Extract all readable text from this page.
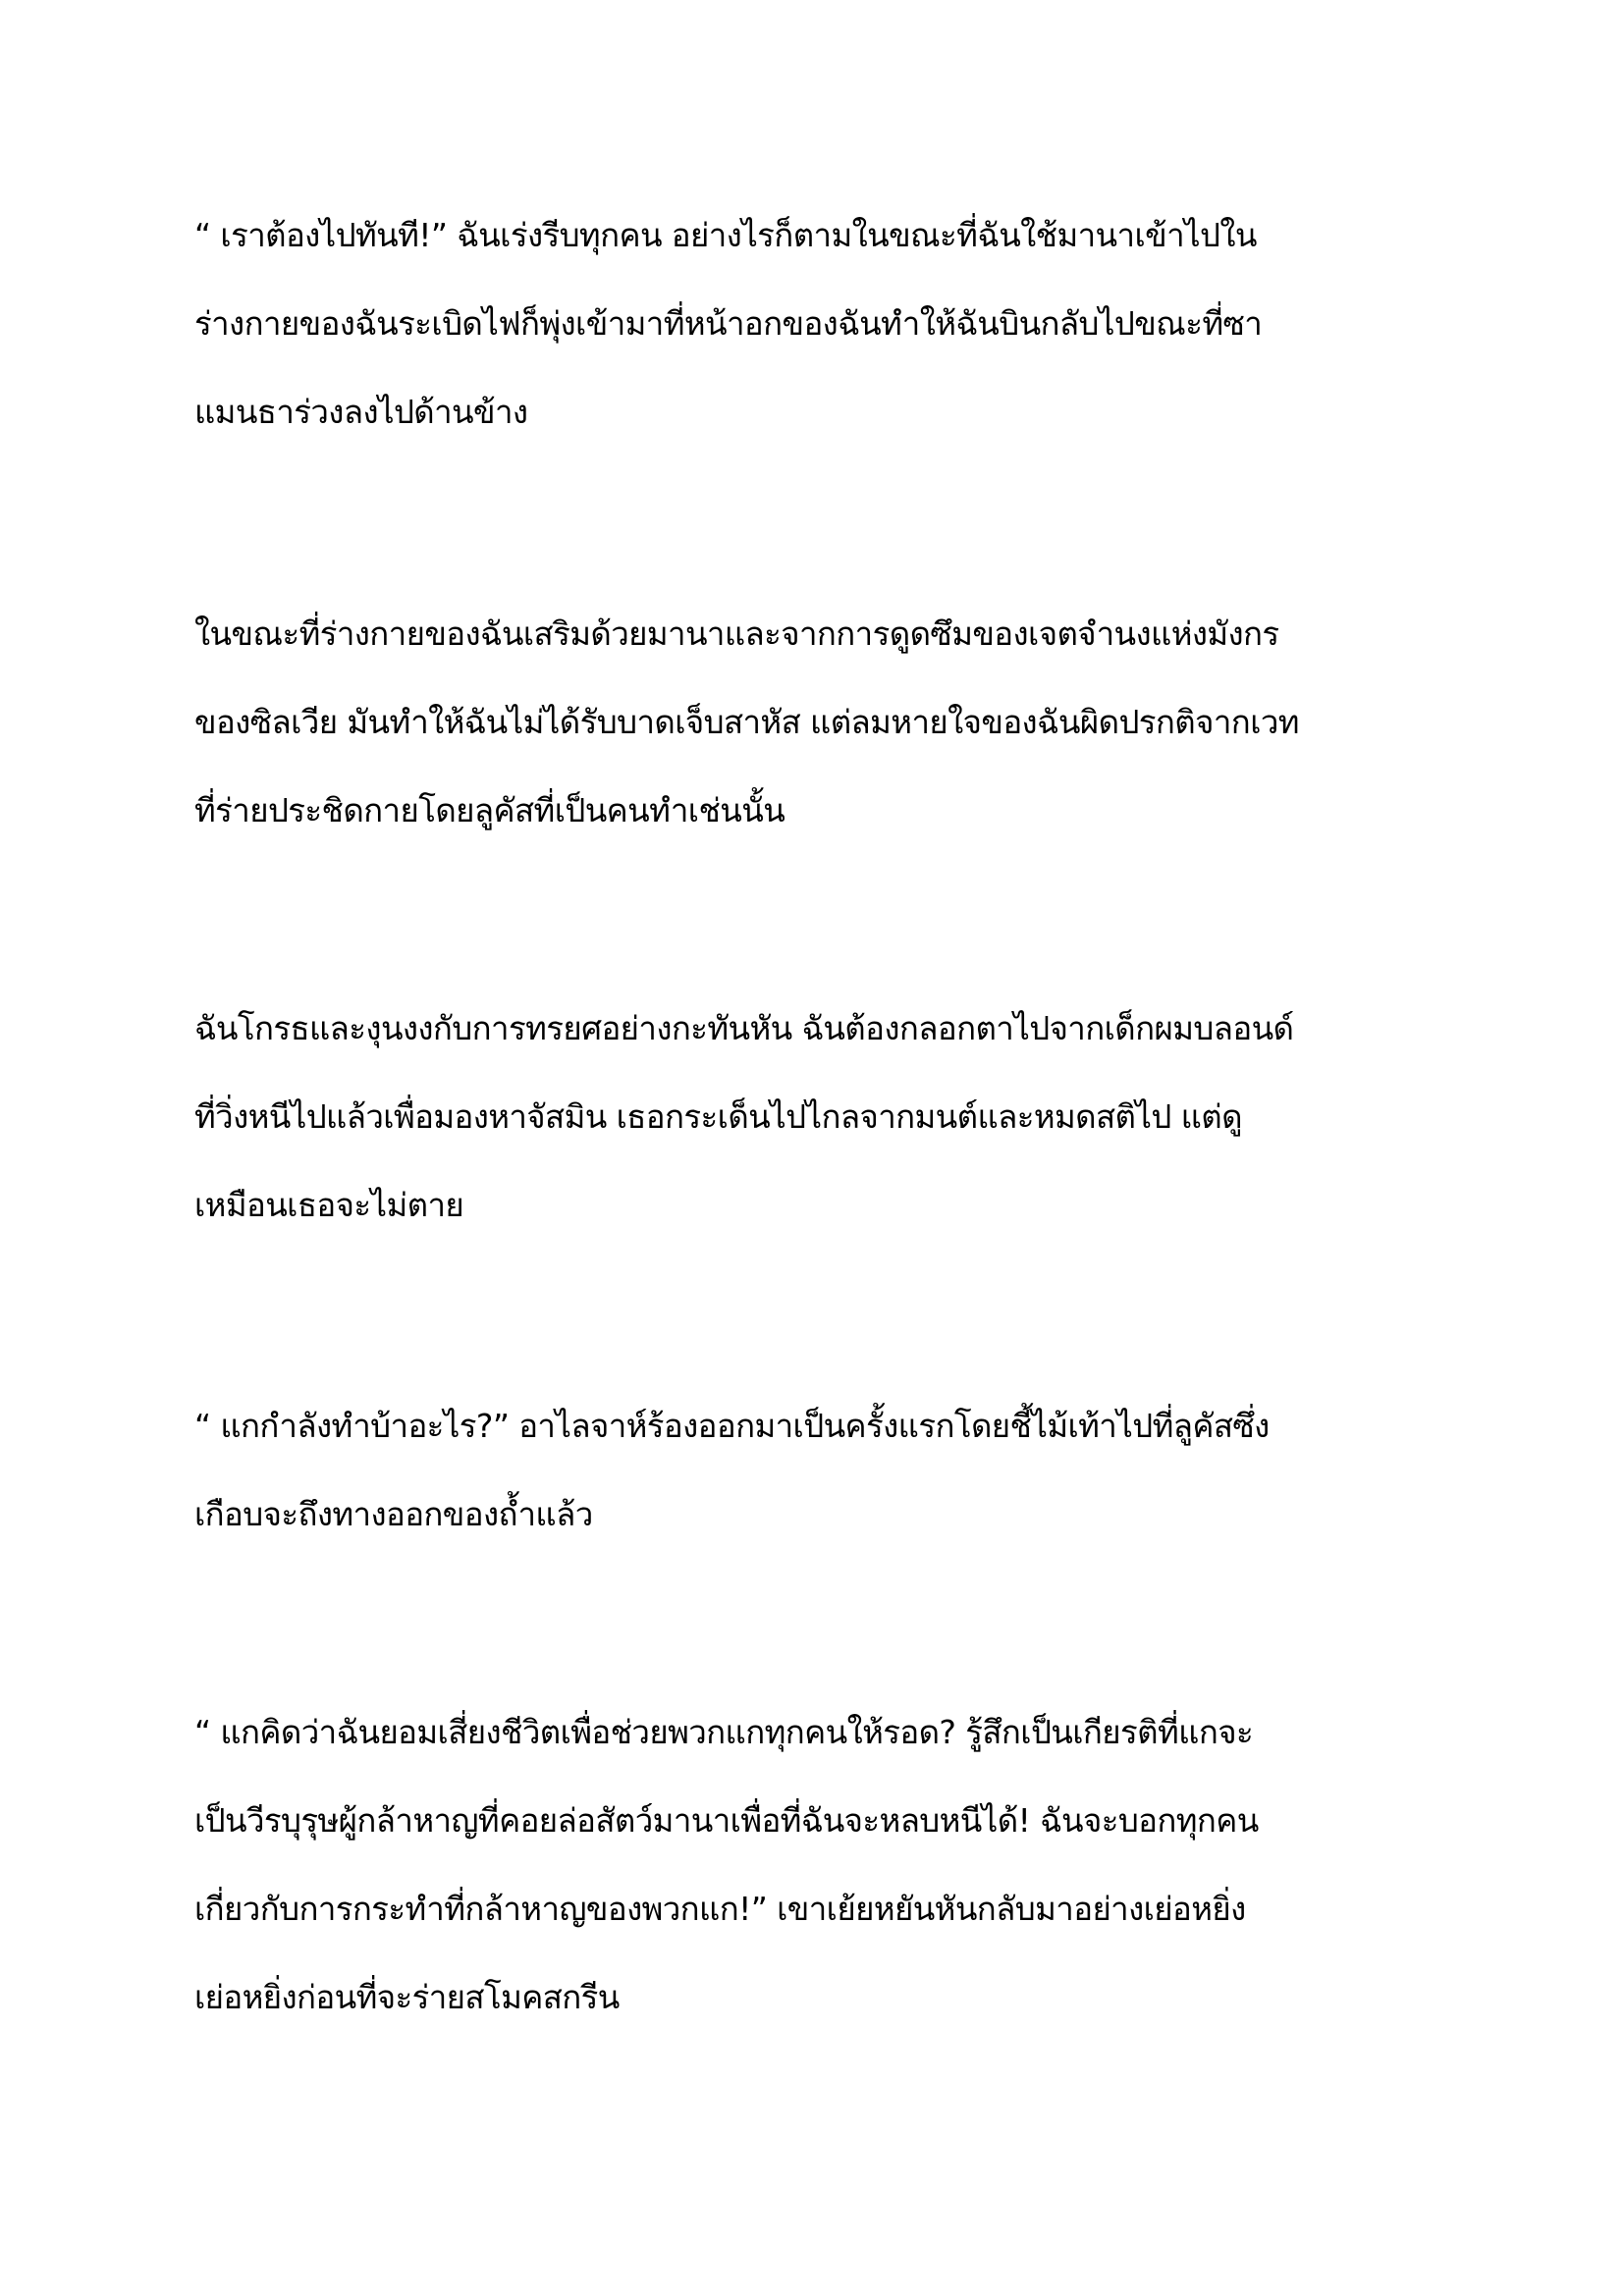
“ เราต้องไปทันที!” ฉันเร่งรีบทุกคน อย่างไรก็ตามในขณะที่ฉันใช้มานาเข้าไปใน

ร่างกายของฉันระเบิดไฟก็พุ่งเข้ามาที่หน้าอกของฉันทำให้ฉันบินกลับไปขณะที่ซา

แมนธาร่วงลงไปด้านข้าง

ในขณะที่ร่างกายของฉันเสริมด้วยมานาและจากการดูดซึมของเจตจำนงแห่งมังกร

ของซิลเวีย มันทำให้ฉันไม่ได้รับบาดเจ็บสาหัส แต่ลมหายใจของฉันผิดปรกติจากเวท

ที่ร่ายประชิดกายโดยลูคัสที่เป็นคนทำเช่นนั้น

ฉันโกรธและงุนงงกับการทรยศอย่างกะทันหัน ฉันต้องกลอกตาไปจากเด็กผมบลอนด์

ที่วิ่งหนีไปแล้วเพื่อมองหาจัสมิน เธอกระเด็นไปไกลจากมนต์และหมดสติไป แต่ดู

เหมือนเธอจะไม่ตาย

“ แกกำลังทำบ้าอะไร?” อาไลจาห์ร้องออกมาเป็นครั้งแรกโดยชี้ไม้เท้าไปที่ลูคัสซึ่ง

เกือบจะถึงทางออกของถ้ำแล้ว

“ แกคิดว่าฉันยอมเสี่ยงชีวิตเพื่อช่วยพวกแกทุกคนให้รอด? รู้สึกเป็นเกียรติที่แกจะ

เป็นวีรบุรุษผู้กล้าหาญที่คอยล่อสัตว์มานาเพื่อที่ฉันจะหลบหนีได้! ฉันจะบอกทุกคน

เกี่ยวกับการกระทำที่กล้าหาญของพวกแก!” เขาเย้ยหยันหันกลับมาอย่างเย่อหยิ่ง

เย่อหยิ่งก่อนที่จะร่ายสโมคสกรีน
